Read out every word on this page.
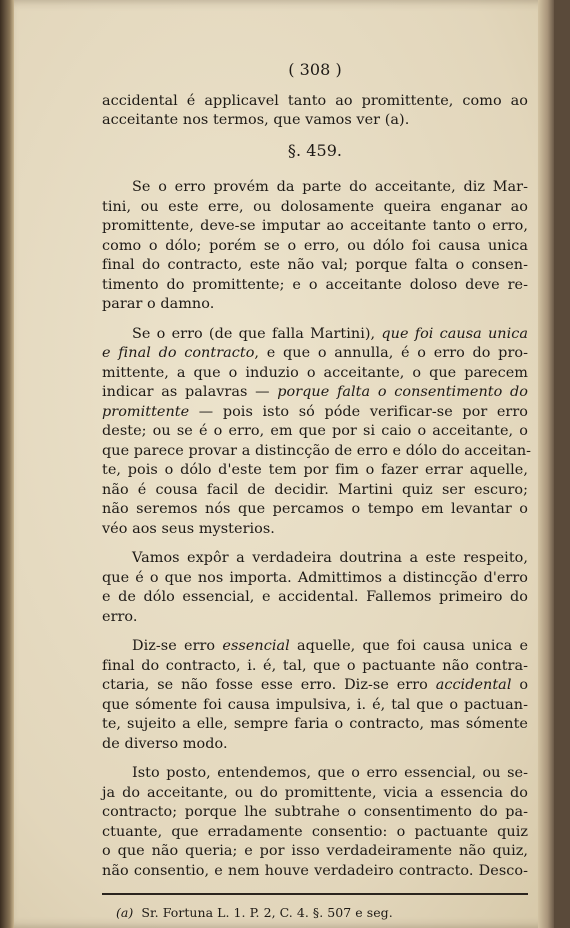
( 308 )
accidental é applicavel tanto ao promittente, como ao
acceitante nos termos, que vamos ver (a).
§. 459.
Se o erro provém da parte do acceitante, diz Mar-
tini, ou este erre, ou dolosamente queira enganar ao
promittente, deve-se imputar ao acceitante tanto o erro,
como o dólo; porém se o erro, ou dólo foi causa unica
final do contracto, este não val; porque falta o consen-
timento do promittente; e o acceitante doloso deve re-
parar o damno.
Se o erro (de que falla Martini), que foi causa unica
e final do contracto, e que o annulla, é o erro do pro-
mittente, a que o induzio o acceitante, o que parecem
indicar as palavras — porque falta o consentimento do
promittente — pois isto só póde verificar-se por erro
deste; ou se é o erro, em que por si caio o acceitante, o
que parece provar a distincção de erro e dólo do acceitan-
te, pois o dólo d'este tem por fim o fazer errar aquelle,
não é cousa facil de decidir. Martini quiz ser escuro;
não seremos nós que percamos o tempo em levantar o
véo aos seus mysterios.
Vamos expôr a verdadeira doutrina a este respeito,
que é o que nos importa. Admittimos a distincção d'erro
e de dólo essencial, e accidental. Fallemos primeiro do
erro.
Diz-se erro essencial aquelle, que foi causa unica e
final do contracto, i. é, tal, que o pactuante não contra-
ctaria, se não fosse esse erro. Diz-se erro accidental o
que sómente foi causa impulsiva, i. é, tal que o pactuan-
te, sujeito a elle, sempre faria o contracto, mas sómente
de diverso modo.
Isto posto, entendemos, que o erro essencial, ou se-
ja do acceitante, ou do promittente, vicia a essencia do
contracto; porque lhe subtrahe o consentimento do pa-
ctuante, que erradamente consentio: o pactuante quiz
o que não queria; e por isso verdadeiramente não quiz,
não consentio, e nem houve verdadeiro contracto. Desco-
(a) Sr. Fortuna L. 1. P. 2, C. 4. §. 507 e seg.
